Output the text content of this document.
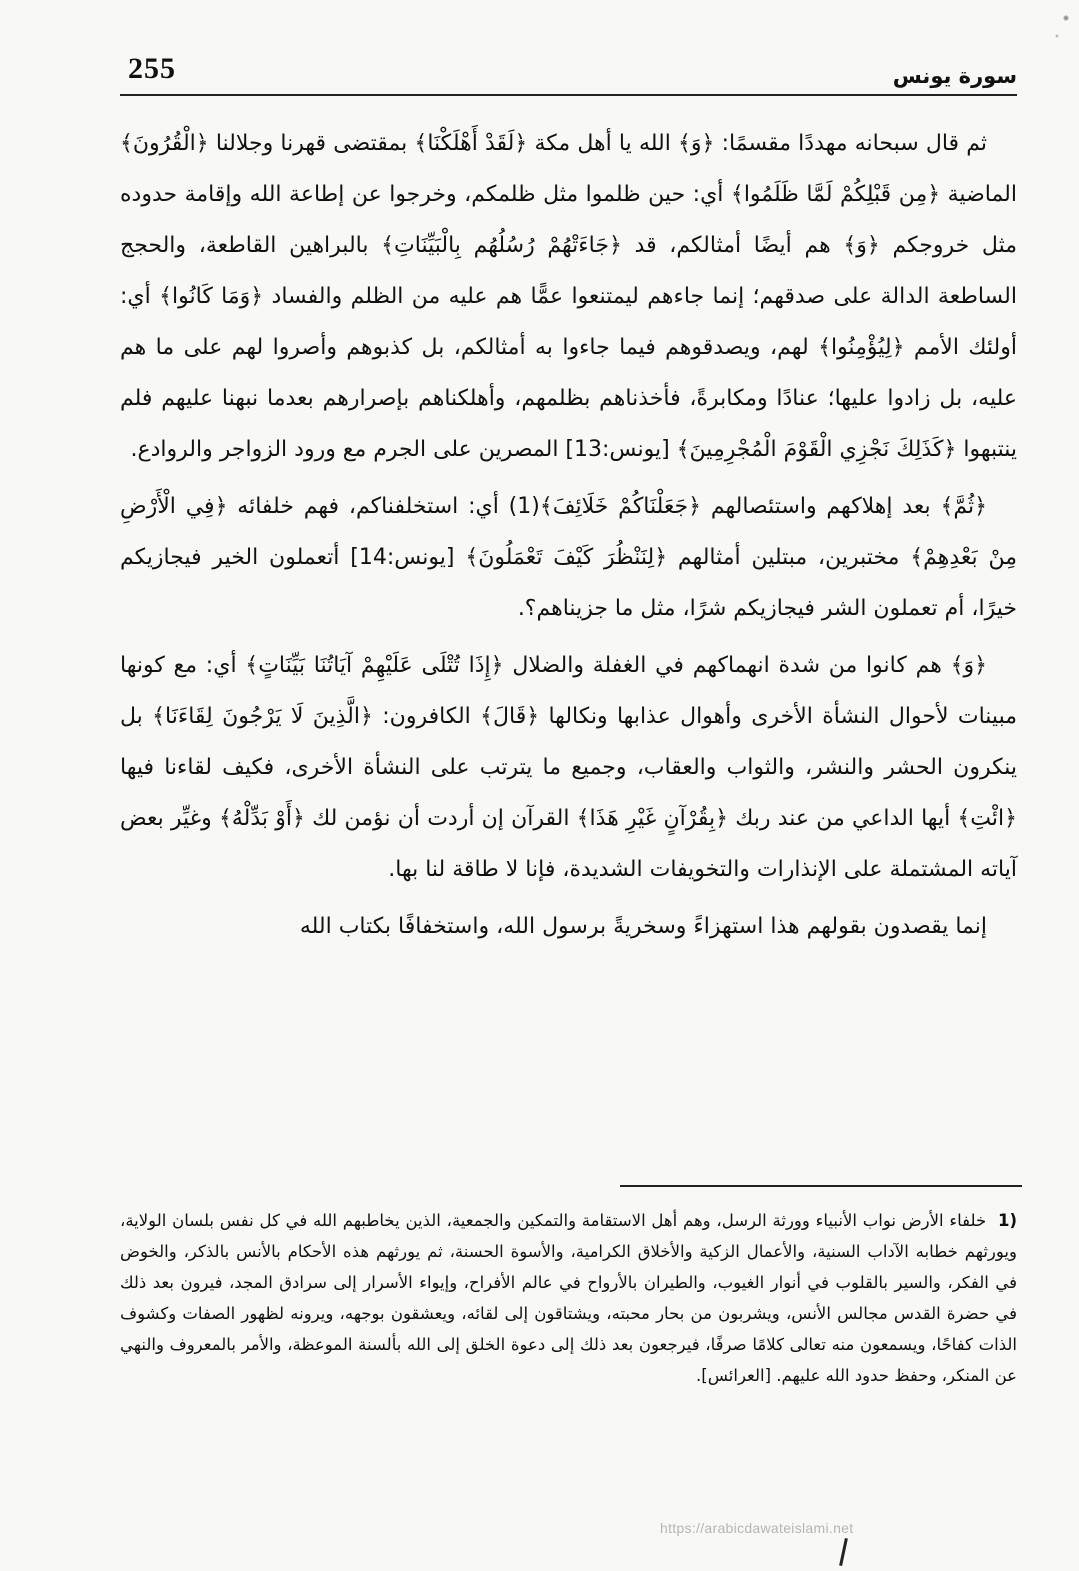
255	سورة يونس

ثم قال سبحانه مهددًا مقسمًا: ﴿وَ﴾ الله يا أهل مكة ﴿لَقَدْ أَهْلَكْنَا﴾ بمقتضى قهرنا وجلالنا ﴿الْقُرُونَ﴾ الماضية ﴿مِن قَبْلِكُمْ لَمَّا ظَلَمُوا﴾ أي: حين ظلموا مثل ظلمكم، وخرجوا عن إطاعة الله وإقامة حدوده مثل خروجكم ﴿وَ﴾ هم أيضًا أمثالكم، قد ﴿جَاءَتْهُمْ رُسُلُهُم بِالْبَيِّنَاتِ﴾ بالبراهين القاطعة، والحجج الساطعة الدالة على صدقهم؛ إنما جاءهم ليمتنعوا عمًّا هم عليه من الظلم والفساد ﴿وَمَا كَانُوا﴾ أي: أولئك الأمم ﴿لِيُؤْمِنُوا﴾ لهم، ويصدقوهم فيما جاءوا به أمثالكم، بل كذبوهم وأصروا لهم على ما هم عليه، بل زادوا عليها؛ عنادًا ومكابرةً، فأخذناهم بظلمهم، وأهلكناهم بإصرارهم بعدما نبهنا عليهم فلم ينتبهوا ﴿كَذَلِكَ نَجْزِي الْقَوْمَ الْمُجْرِمِينَ﴾ [يونس:13] المصرين على الجرم مع ورود الزواجر والروادع.

﴿ثُمَّ﴾ بعد إهلاكهم واستئصالهم ﴿جَعَلْنَاكُمْ خَلَائِفَ﴾(1) أي: استخلفناكم، فهم خلفائه ﴿فِي الْأَرْضِ مِنْ بَعْدِهِمْ﴾ مختبرين، مبتلين أمثالهم ﴿لِنَنْظُرَ كَيْفَ تَعْمَلُونَ﴾ [يونس:14] أتعملون الخير فيجازيكم خيرًا، أم تعملون الشر فيجازيكم شرًا، مثل ما جزيناهم؟.

﴿وَ﴾ هم كانوا من شدة انهماكهم في الغفلة والضلال ﴿إِذَا تُتْلَى عَلَيْهِمْ آيَاتُنَا بَيِّنَاتٍ﴾ أي: مع كونها مبينات لأحوال النشأة الأخرى وأهوال عذابها ونكالها ﴿قَالَ﴾ الكافرون: ﴿الَّذِينَ لَا يَرْجُونَ لِقَاءَنَا﴾ بل ينكرون الحشر والنشر، والثواب والعقاب، وجميع ما يترتب على النشأة الأخرى، فكيف لقاءنا فيها ﴿ائْتِ﴾ أيها الداعي من عند ربك ﴿بِقُرْآنٍ غَيْرِ هَذَا﴾ القرآن إن أردت أن نؤمن لك ﴿أَوْ بَدِّلْهُ﴾ وغيِّر بعض آياته المشتملة على الإنذارات والتخويفات الشديدة، فإنا لا طاقة لنا بها.

إنما يقصدون بقولهم هذا استهزاءً وسخريةً برسول الله، واستخفافًا بكتاب الله

(1 خلفاء الأرض نواب الأنبياء وورثة الرسل، وهم أهل الاستقامة والتمكين والجمعية، الذين يخاطبهم الله في كل نفس بلسان الولاية، ويورثهم خطابه الآداب السنية، والأعمال الزكية والأخلاق الكرامية، والأسوة الحسنة، ثم يورثهم هذه الأحكام بالأنس بالذكر، والخوض في الفكر، والسير بالقلوب في أنوار الغيوب، والطيران بالأرواح في عالم الأفراح، وإيواء الأسرار إلى سرادق المجد، فيرون بعد ذلك في حضرة القدس مجالس الأنس، ويشربون من بحار محبته، ويشتاقون إلى لقائه، ويعشقون بوجهه، ويرونه لظهور الصفات وكشوف الذات كفاحًا، ويسمعون منه تعالى كلامًا صرفًا، فيرجعون بعد ذلك إلى دعوة الخلق إلى الله بألسنة الموعظة، والأمر بالمعروف والنهي عن المنكر، وحفظ حدود الله عليهم. [العرائس].
https://arabicdawateislami.net
